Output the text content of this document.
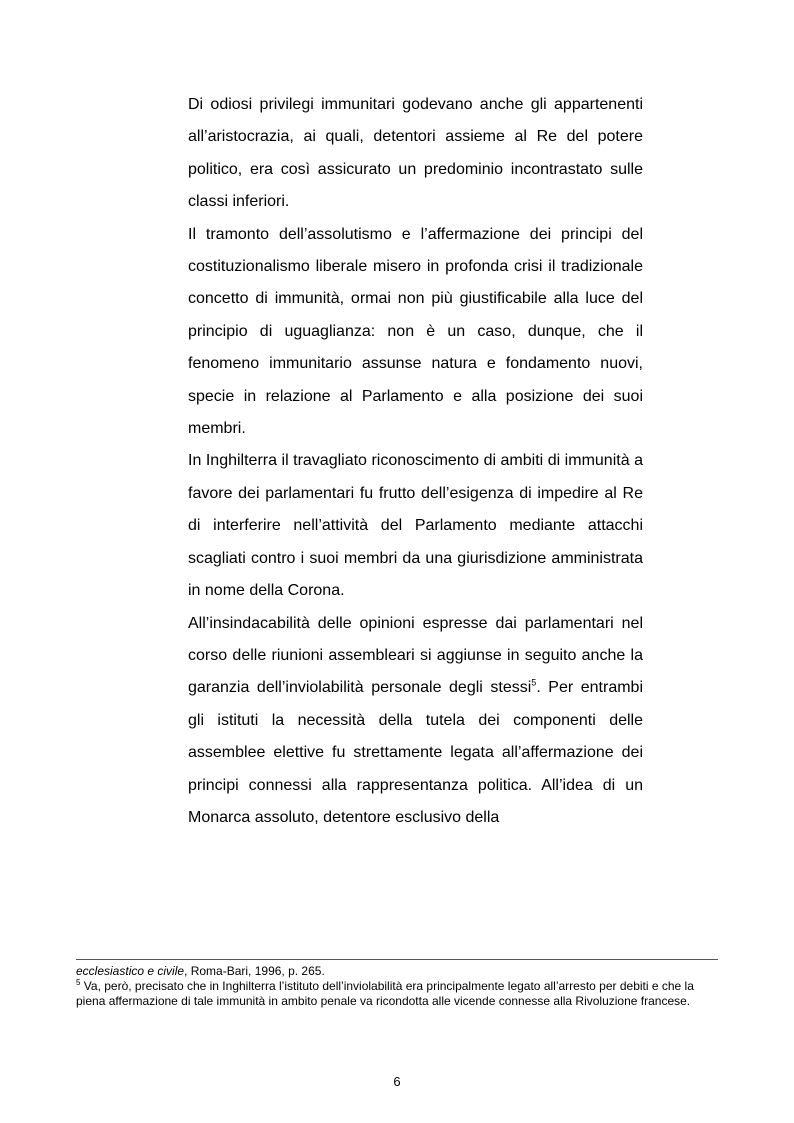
Di odiosi privilegi immunitari godevano anche gli appartenenti all’aristocrazia, ai quali, detentori assieme al Re del potere politico, era così assicurato un predominio incontrastato sulle classi inferiori.

Il tramonto dell’assolutismo e l’affermazione dei principi del costituzionalismo liberale misero in profonda crisi il tradizionale concetto di immunità, ormai non più giustificabile alla luce del principio di uguaglianza: non è un caso, dunque, che il fenomeno immunitario assunse natura e fondamento nuovi, specie in relazione al Parlamento e alla posizione dei suoi membri.

In Inghilterra il travagliato riconoscimento di ambiti di immunità a favore dei parlamentari fu frutto dell’esigenza di impedire al Re di interferire nell’attività del Parlamento mediante attacchi scagliati contro i suoi membri da una giurisdizione amministrata in nome della Corona.

All’insindacabilità delle opinioni espresse dai parlamentari nel corso delle riunioni assembleari si aggiunse in seguito anche la garanzia dell’inviolabilità personale degli stessi$^5$. Per entrambi gli istituti la necessità della tutela dei componenti delle assemblee elettive fu strettamente legata all’affermazione dei principi connessi alla rappresentanza politica. All’idea di un Monarca assoluto, detentore esclusivo della

ecclesiastico e civile, Roma-Bari, 1996, p. 265.

$^5$ Va, però, precisato che in Inghilterra l’istituto dell’inviolabilità era principalmente legato all’arresto per debiti e che la piena affermazione di tale immunità in ambito penale va ricondotta alle vicende connesse alla Rivoluzione francese.

6
